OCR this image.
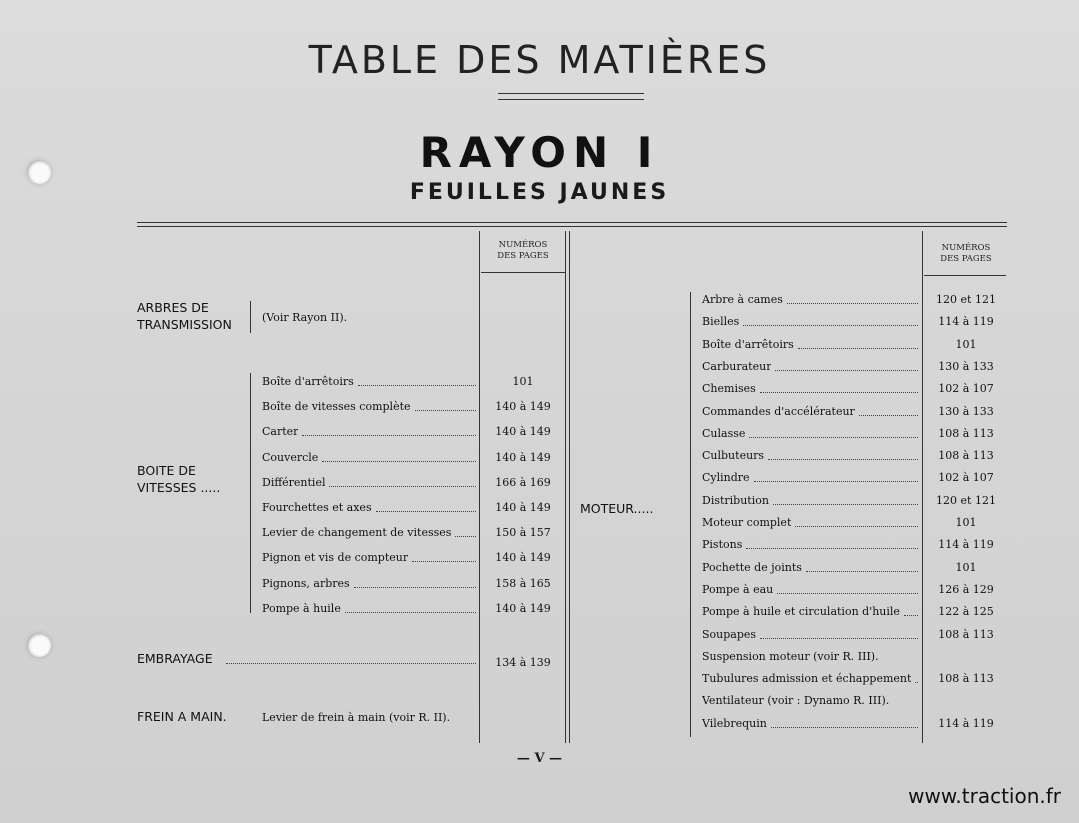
TABLE DES MATIÈRES
RAYON I
FEUILLES JAUNES
NUMÉROS
DES PAGES
NUMÉROS
DES PAGES
ARBRES DE
TRANSMISSION	(Voir Rayon II).
BOITE DE
VITESSES .....
Boîte d'arrêtoirs	101
Boîte de vitesses complète	140 à 149
Carter	140 à 149
Couvercle	140 à 149
Différentiel	166 à 169
Fourchettes et axes	140 à 149
Levier de changement de vitesses	150 à 157
Pignon et vis de compteur	140 à 149
Pignons, arbres	158 à 165
Pompe à huile	140 à 149
EMBRAYAGE	134 à 139
FREIN A MAIN.	Levier de frein à main (voir R. II).
MOTEUR.....
Arbre à cames	120 et 121
Bielles	114 à 119
Boîte d'arrêtoirs	101
Carburateur	130 à 133
Chemises	102 à 107
Commandes d'accélérateur	130 à 133
Culasse	108 à 113
Culbuteurs	108 à 113
Cylindre	102 à 107
Distribution	120 et 121
Moteur complet	101
Pistons	114 à 119
Pochette de joints	101
Pompe à eau	126 à 129
Pompe à huile et circulation d'huile	122 à 125
Soupapes	108 à 113
Suspension moteur (voir R. III).
Tubulures admission et échappement	108 à 113
Ventilateur (voir : Dynamo R. III).
Vilebrequin	114 à 119
— V —
www.traction.fr
